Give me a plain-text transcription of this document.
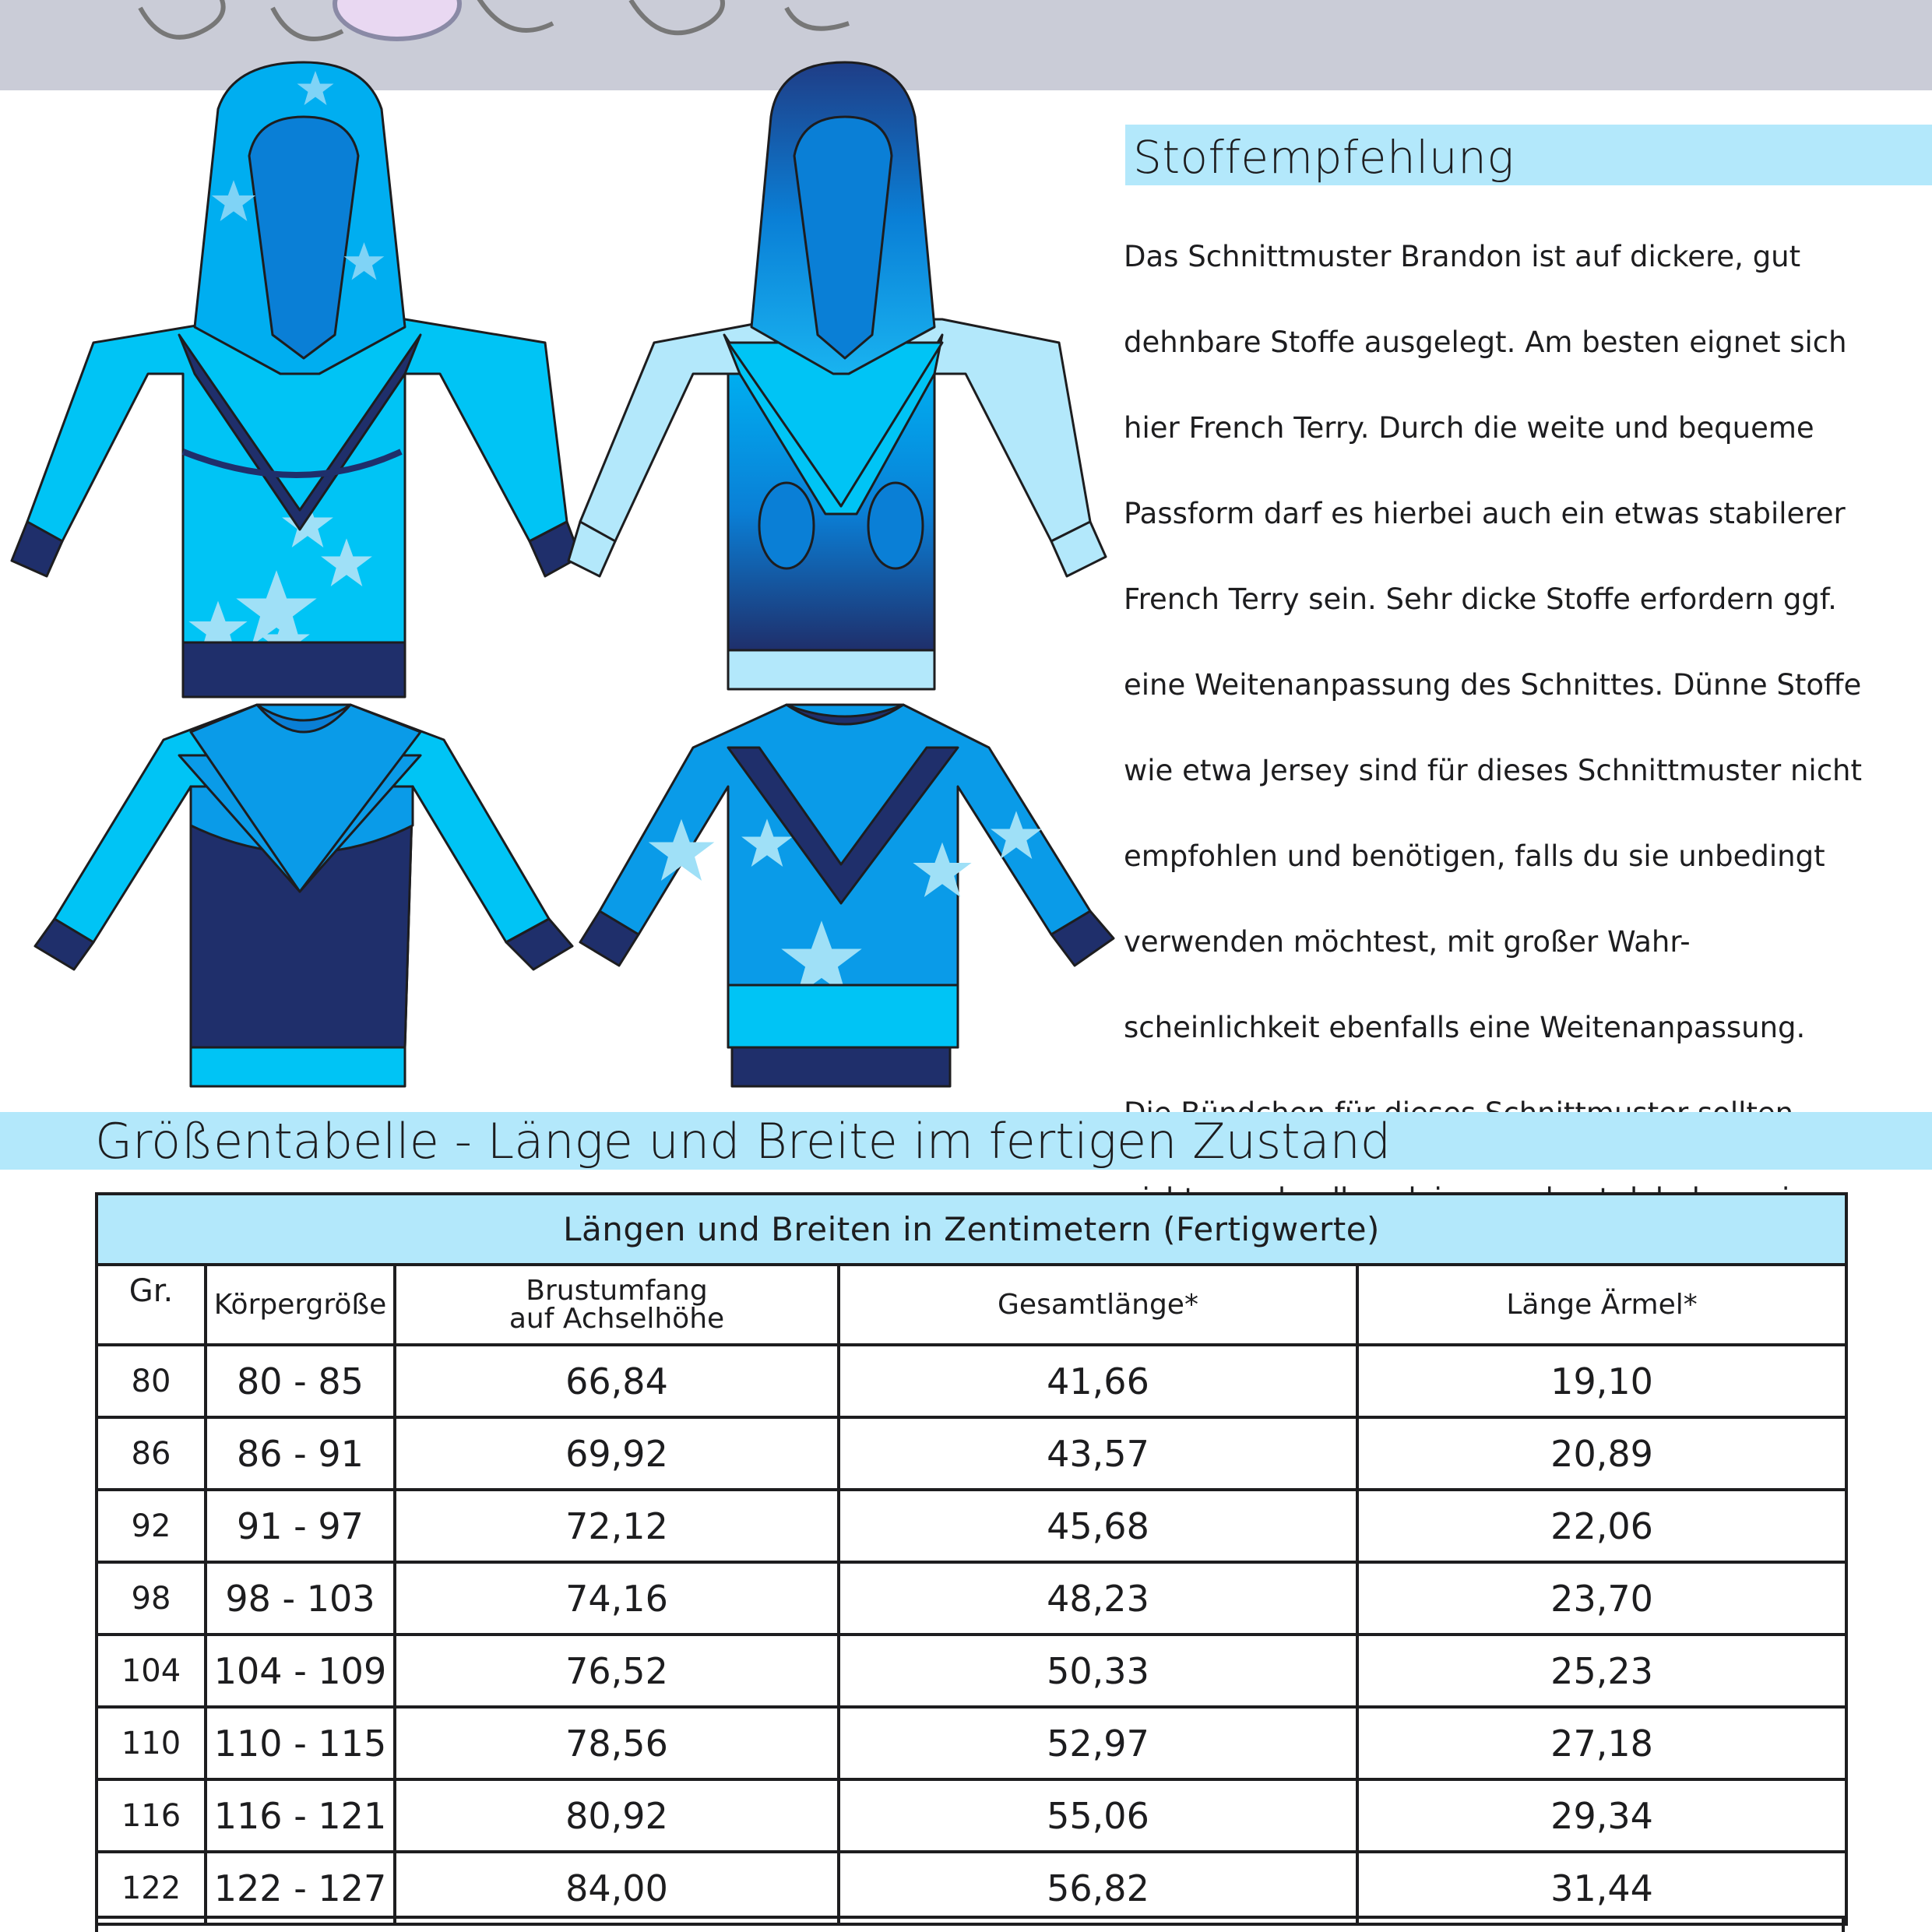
Stoffempfehlung

Das Schnittmuster Brandon ist auf dickere, gut

dehnbare Stoffe ausgelegt. Am besten eignet sich

hier French Terry. Durch die weite und bequeme

Passform darf es hierbei auch ein etwas stabilerer

French Terry sein. Sehr dicke Stoffe erfordern ggf.

eine Weitenanpassung des Schnittes. Dünne Stoffe

wie etwa Jersey sind für dieses Schnittmuster nicht

empfohlen und benötigen, falls du sie unbedingt

verwenden möchtest, mit großer Wahr-

scheinlichkeit ebenfalls eine Weitenanpassung.

Größentabelle - Länge und Breite im fertigen Zustand
Längen und Breiten in Zentimetern (Fertigwerte)				
Gr.	Körpergröße	Brustumfang
auf Achselhöhe	Gesamtlänge*	Länge Ärmel*
80	80 - 85	66,84	41,66	19,10
86	86 - 91	69,92	43,57	20,89
92	91 - 97	72,12	45,68	22,06
98	98 - 103	74,16	48,23	23,70
104	104 - 109	76,52	50,33	25,23
110	110 - 115	78,56	52,97	27,18
116	116 - 121	80,92	55,06	29,34
122	122 - 127	84,00	56,82	31,44
